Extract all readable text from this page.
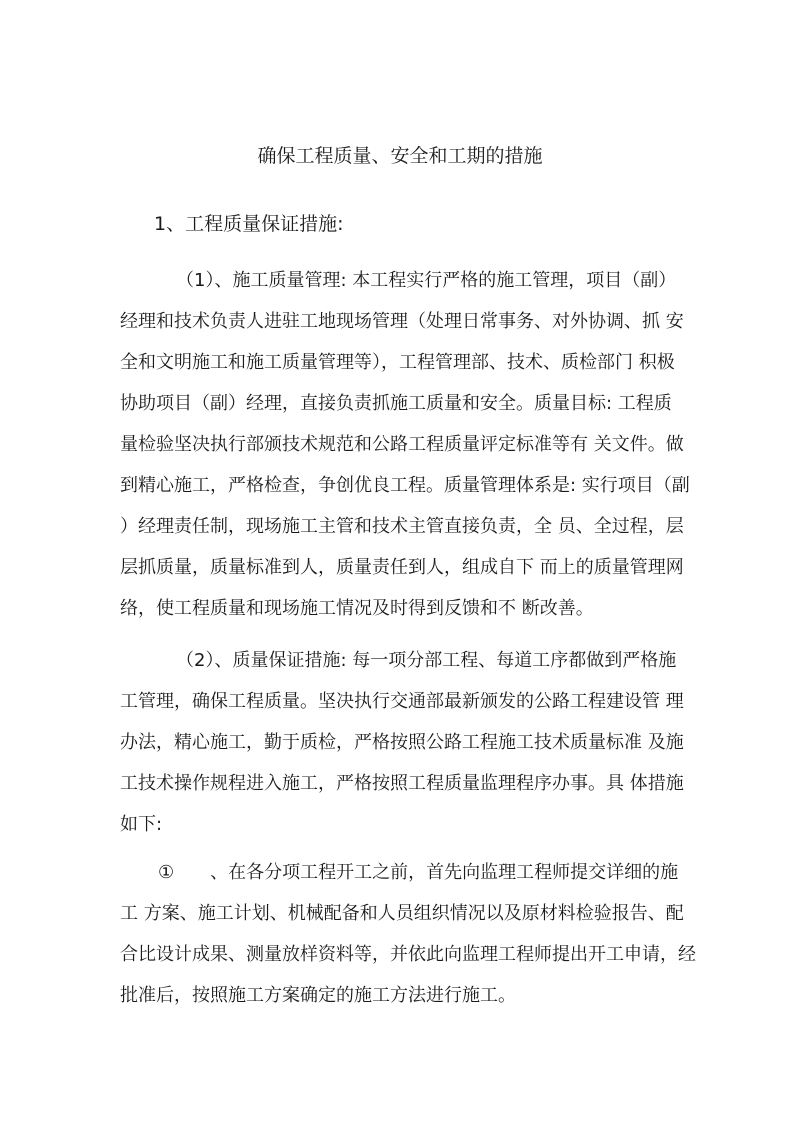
确保工程质量、安全和工期的措施
1、工程质量保证措施:
（1）、施工质量管理: 本工程实行严格的施工管理，项目（副）
经理和技术负责人进驻工地现场管理（处理日常事务、对外协调、抓 安
全和文明施工和施工质量管理等），工程管理部、技术、质检部门 积极
协助项目（副）经理，直接负责抓施工质量和安全。质量目标: 工程质
量检验坚决执行部颁技术规范和公路工程质量评定标准等有 关文件。做
到精心施工，严格检查，争创优良工程。质量管理体系是: 实行项目（副
）经理责任制，现场施工主管和技术主管直接负责，全 员、全过程，层
层抓质量，质量标准到人，质量责任到人，组成自下 而上的质量管理网
络，使工程质量和现场施工情况及时得到反馈和不 断改善。
（2）、质量保证措施: 每一项分部工程、每道工序都做到严格施
工管理，确保工程质量。坚决执行交通部最新颁发的公路工程建设管 理
办法，精心施工，勤于质检，严格按照公路工程施工技术质量标准 及施
工技术操作规程进入施工，严格按照工程质量监理程序办事。具 体措施
如下:
①　　、在各分项工程开工之前，首先向监理工程师提交详细的施
工 方案、施工计划、机械配备和人员组织情况以及原材料检验报告、配
合比设计成果、测量放样资料等，并依此向监理工程师提出开工申请，经
批准后，按照施工方案确定的施工方法进行施工。
